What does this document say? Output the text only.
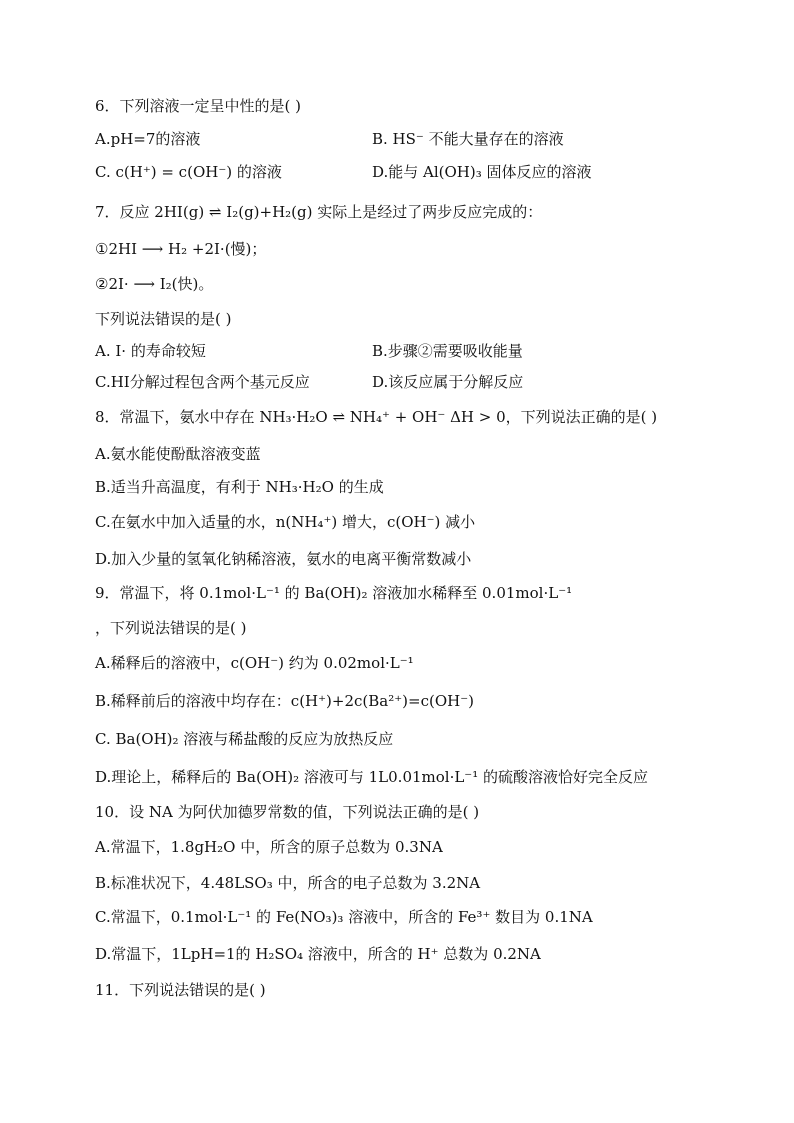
6．下列溶液一定呈中性的是( )
A.pH=7的溶液	B. HS⁻ 不能大量存在的溶液
C. c(H⁺) = c(OH⁻) 的溶液	D.能与 Al(OH)₃ 固体反应的溶液
7．反应 2HI(g) ⇌ I₂(g)+H₂(g) 实际上是经过了两步反应完成的：
①2HI ⟶ H₂ +2I·(慢)；
②2I· ⟶ I₂(快)。
下列说法错误的是( )
A. I· 的寿命较短	B.步骤②需要吸收能量
C.HI分解过程包含两个基元反应	D.该反应属于分解反应
8．常温下，氨水中存在 NH₃·H₂O ⇌ NH₄⁺ + OH⁻ ΔH > 0，下列说法正确的是( )
A.氨水能使酚酞溶液变蓝
B.适当升高温度，有利于 NH₃·H₂O 的生成
C.在氨水中加入适量的水，n(NH₄⁺) 增大，c(OH⁻) 减小
D.加入少量的氢氧化钠稀溶液，氨水的电离平衡常数减小
9．常温下，将 0.1mol·L⁻¹ 的 Ba(OH)₂ 溶液加水稀释至 0.01mol·L⁻¹
，下列说法错误的是( )
A.稀释后的溶液中，c(OH⁻) 约为 0.02mol·L⁻¹
B.稀释前后的溶液中均存在：c(H⁺)+2c(Ba²⁺)=c(OH⁻)
C. Ba(OH)₂ 溶液与稀盐酸的反应为放热反应
D.理论上，稀释后的 Ba(OH)₂ 溶液可与 1L0.01mol·L⁻¹ 的硫酸溶液恰好完全反应
10．设 NA 为阿伏加德罗常数的值，下列说法正确的是( )
A.常温下，1.8gH₂O 中，所含的原子总数为 0.3NA
B.标准状况下，4.48LSO₃ 中，所含的电子总数为 3.2NA
C.常温下，0.1mol·L⁻¹ 的 Fe(NO₃)₃ 溶液中，所含的 Fe³⁺ 数目为 0.1NA
D.常温下，1LpH=1的 H₂SO₄ 溶液中，所含的 H⁺ 总数为 0.2NA
11．下列说法错误的是( )
